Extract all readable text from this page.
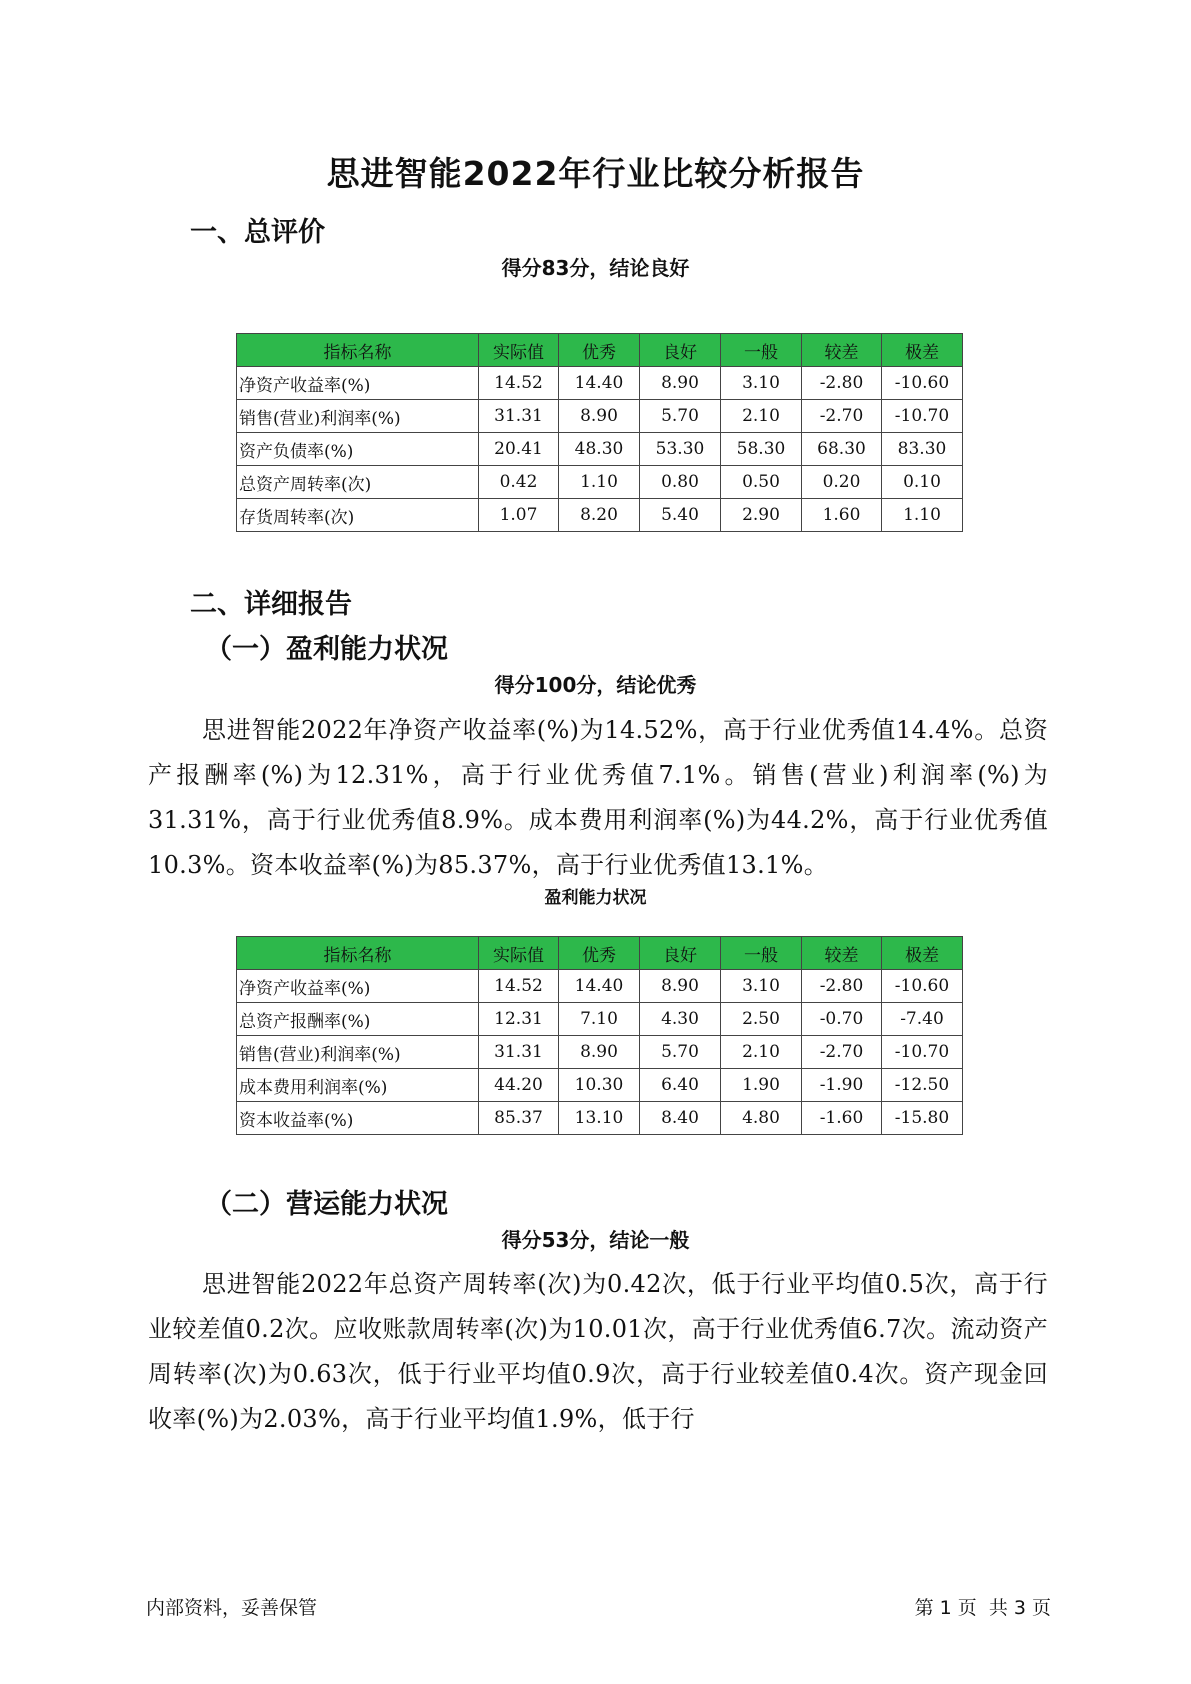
思进智能2022年行业比较分析报告
一、总评价
得分83分，结论良好
指标名称	实际值	优秀	良好	一般	较差	极差
净资产收益率(%)	14.52	14.40	8.90	3.10	-2.80	-10.60
销售(营业)利润率(%)	31.31	8.90	5.70	2.10	-2.70	-10.70
资产负债率(%)	20.41	48.30	53.30	58.30	68.30	83.30
总资产周转率(次)	0.42	1.10	0.80	0.50	0.20	0.10
存货周转率(次)	1.07	8.20	5.40	2.90	1.60	1.10
二、详细报告
（一）盈利能力状况
得分100分，结论优秀
思进智能2022年净资产收益率(%)为14.52%，高于行业优秀值14.4%。总资产报酬率(%)为12.31%，高于行业优秀值7.1%。销售(营业)利润率(%)为31.31%，高于行业优秀值8.9%。成本费用利润率(%)为44.2%，高于行业优秀值10.3%。资本收益率(%)为85.37%，高于行业优秀值13.1%。
盈利能力状况
指标名称	实际值	优秀	良好	一般	较差	极差
净资产收益率(%)	14.52	14.40	8.90	3.10	-2.80	-10.60
总资产报酬率(%)	12.31	7.10	4.30	2.50	-0.70	-7.40
销售(营业)利润率(%)	31.31	8.90	5.70	2.10	-2.70	-10.70
成本费用利润率(%)	44.20	10.30	6.40	1.90	-1.90	-12.50
资本收益率(%)	85.37	13.10	8.40	4.80	-1.60	-15.80
（二）营运能力状况
得分53分，结论一般
思进智能2022年总资产周转率(次)为0.42次，低于行业平均值0.5次，高于行业较差值0.2次。应收账款周转率(次)为10.01次，高于行业优秀值6.7次。流动资产周转率(次)为0.63次，低于行业平均值0.9次，高于行业较差值0.4次。资产现金回收率(%)为2.03%，高于行业平均值1.9%，低于行
内部资料，妥善保管	第 1 页  共 3 页
